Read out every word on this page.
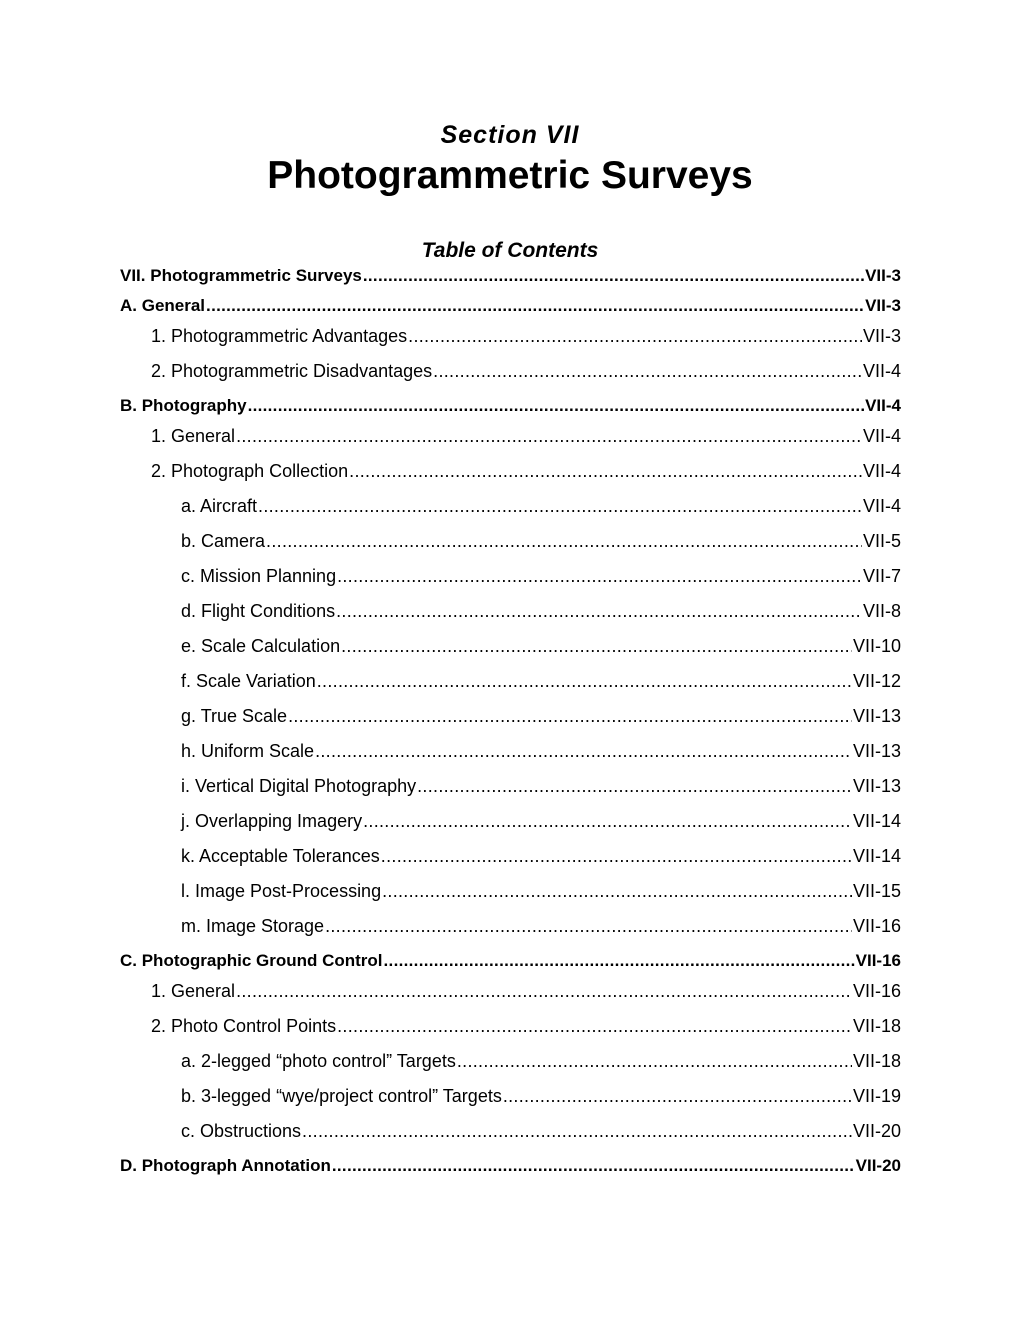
Section VII
Photogrammetric Surveys
Table of Contents
VII. Photogrammetric Surveys .....	VII-3
A. General .....	VII-3
1. Photogrammetric Advantages .....	VII-3
2. Photogrammetric Disadvantages .....	VII-4
B. Photography .....	VII-4
1. General .....	VII-4
2. Photograph Collection .....	VII-4
a. Aircraft .....	VII-4
b. Camera .....	VII-5
c. Mission Planning .....	VII-7
d. Flight Conditions .....	VII-8
e. Scale Calculation .....	VII-10
f. Scale Variation .....	VII-12
g. True Scale .....	VII-13
h. Uniform Scale .....	VII-13
i. Vertical Digital Photography .....	VII-13
j. Overlapping Imagery .....	VII-14
k. Acceptable Tolerances .....	VII-14
l. Image Post-Processing .....	VII-15
m. Image Storage .....	VII-16
C. Photographic Ground Control .....	VII-16
1. General .....	VII-16
2. Photo Control Points .....	VII-18
a. 2-legged “photo control” Targets .....	VII-18
b. 3-legged “wye/project control” Targets .....	VII-19
c. Obstructions .....	VII-20
D. Photograph Annotation .....	VII-20
